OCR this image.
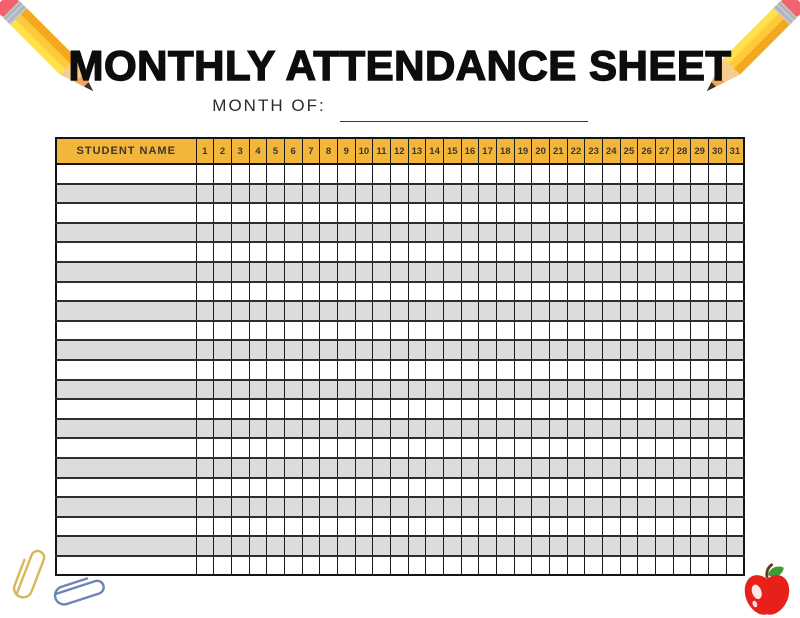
MONTHLY ATTENDANCE SHEET
MONTH OF:
STUDENT NAME	1	2	3	4	5	6	7	8	9	10	11	12	13	14	15	16	17	18	19	20	21	22	23	24	25	26	27	28	29	30	31
